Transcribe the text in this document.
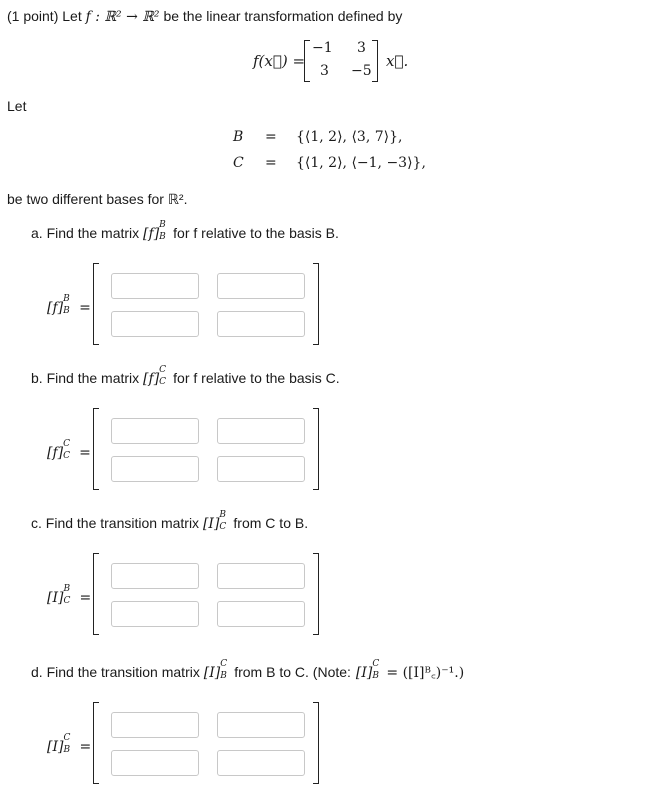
(1 point) Let f : ℝ² → ℝ² be the linear transformation defined by
f(x⃗) =
−1 3
3 −5
x⃗.
Let
B = {⟨1, 2⟩, ⟨3, 7⟩},
C = {⟨1, 2⟩, ⟨−1, −3⟩},
be two different bases for ℝ².
a. Find the matrix [f]
B
B for f relative to the basis B.
[f]
B
B =
b. Find the matrix [f]
C
C for f relative to the basis C.
[f]
C
C =
c. Find the transition matrix [I]
B
C from C to B.
[I]
B
C =
d. Find the transition matrix [I]
C
B from B to C. (Note: [I]
C
B = ([I]ᴮ꜀)⁻¹.)
[I]
C
B =
